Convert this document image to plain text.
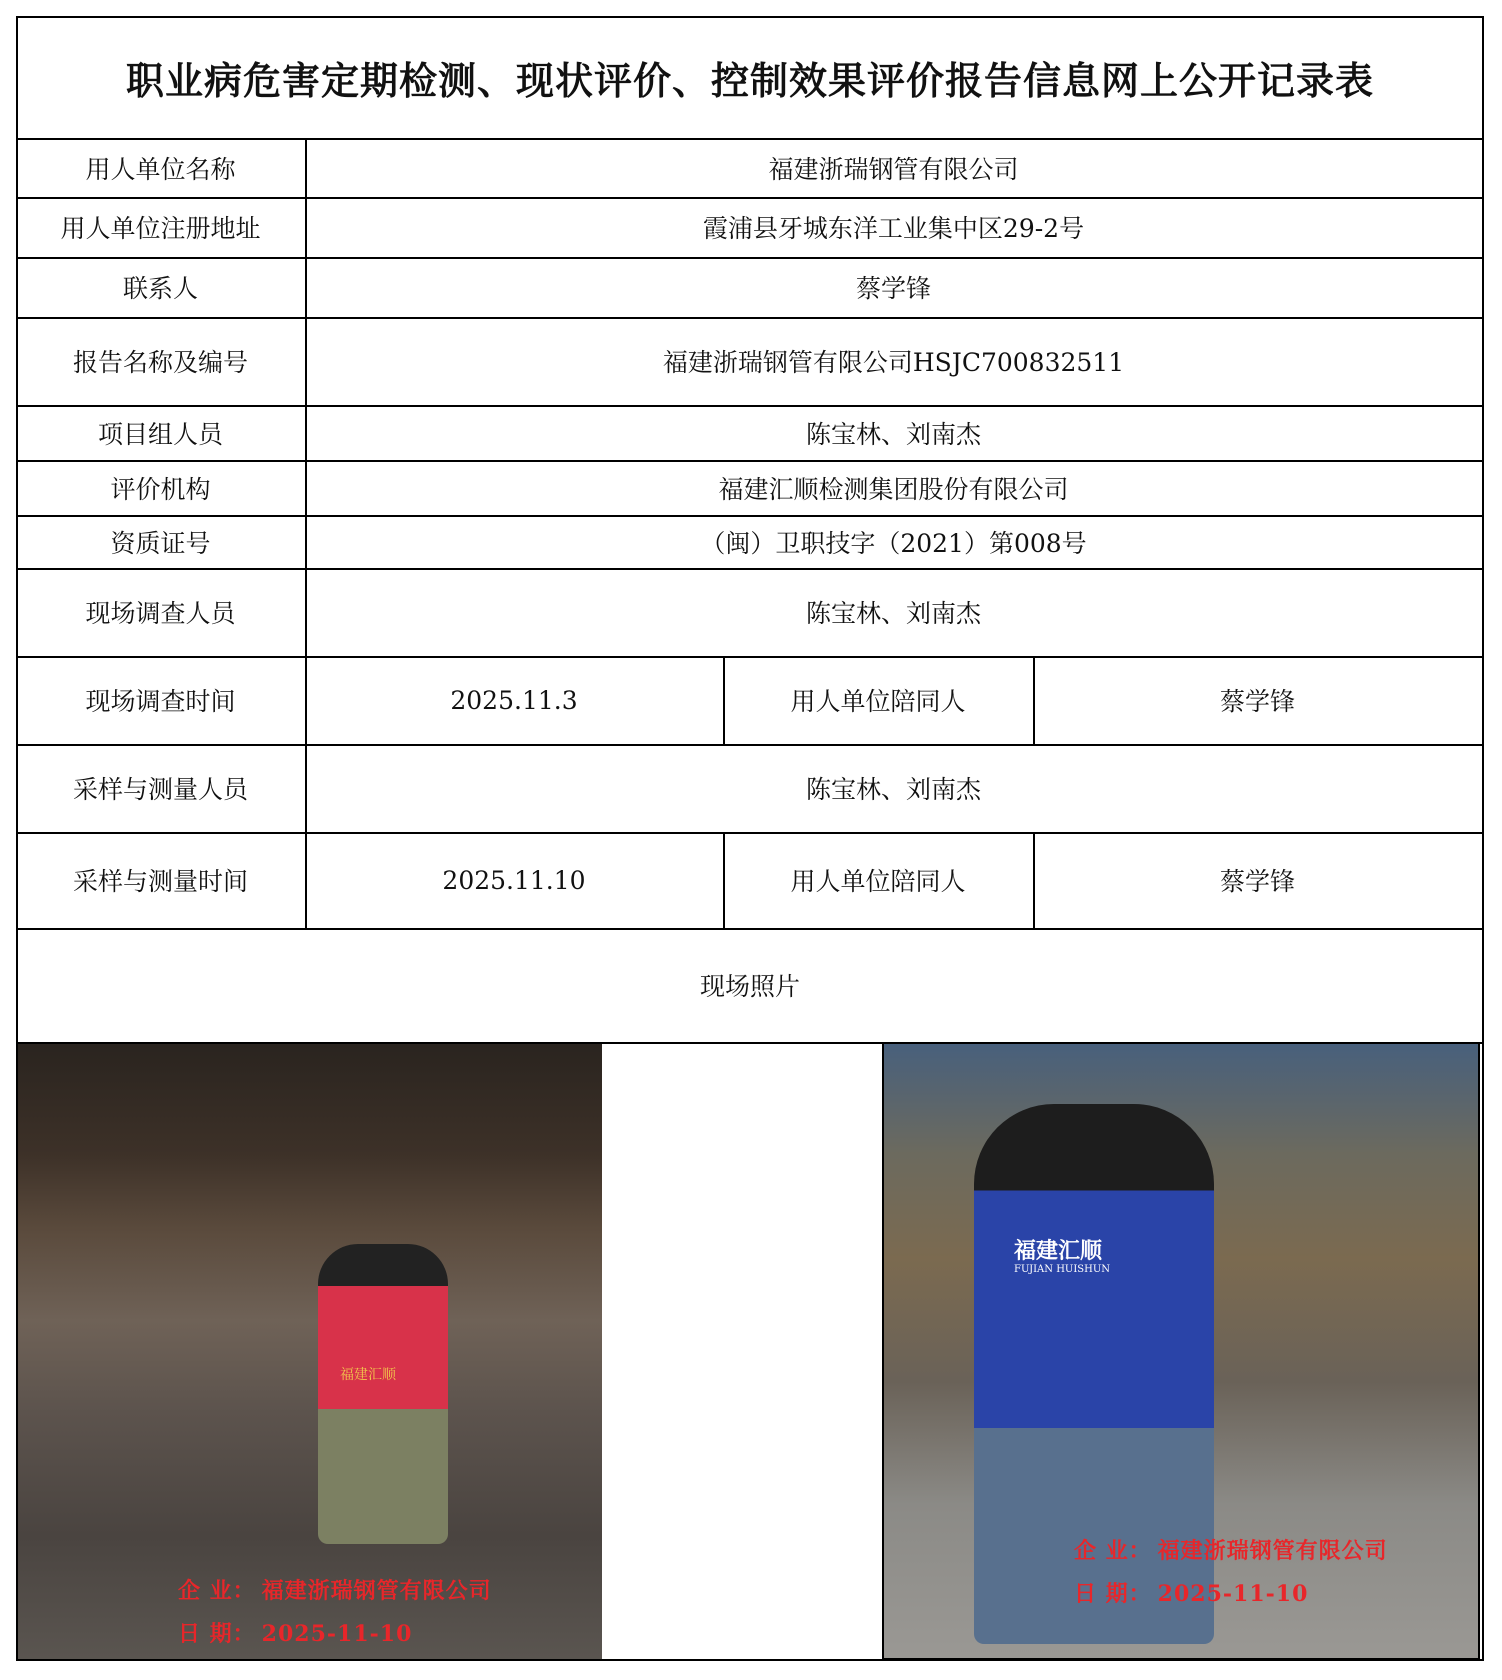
职业病危害定期检测、现状评价、控制效果评价报告信息网上公开记录表
用人单位名称	福建浙瑞钢管有限公司
用人单位注册地址	霞浦县牙城东洋工业集中区29-2号
联系人	蔡学锋
报告名称及编号	福建浙瑞钢管有限公司HSJC700832511
项目组人员	陈宝林、刘南杰
评价机构	福建汇顺检测集团股份有限公司
资质证号	（闽）卫职技字（2021）第008号
现场调查人员	陈宝林、刘南杰
现场调查时间	2025.11.3	用人单位陪同人	蔡学锋
采样与测量人员	陈宝林、刘南杰
采样与测量时间	2025.11.10	用人单位陪同人	蔡学锋
现场照片
福建汇顺
企 业： 福建浙瑞钢管有限公司
日 期： 2025-11-10
福建汇顺
FUJIAN HUISHUN
企 业： 福建浙瑞钢管有限公司
日 期： 2025-11-10
